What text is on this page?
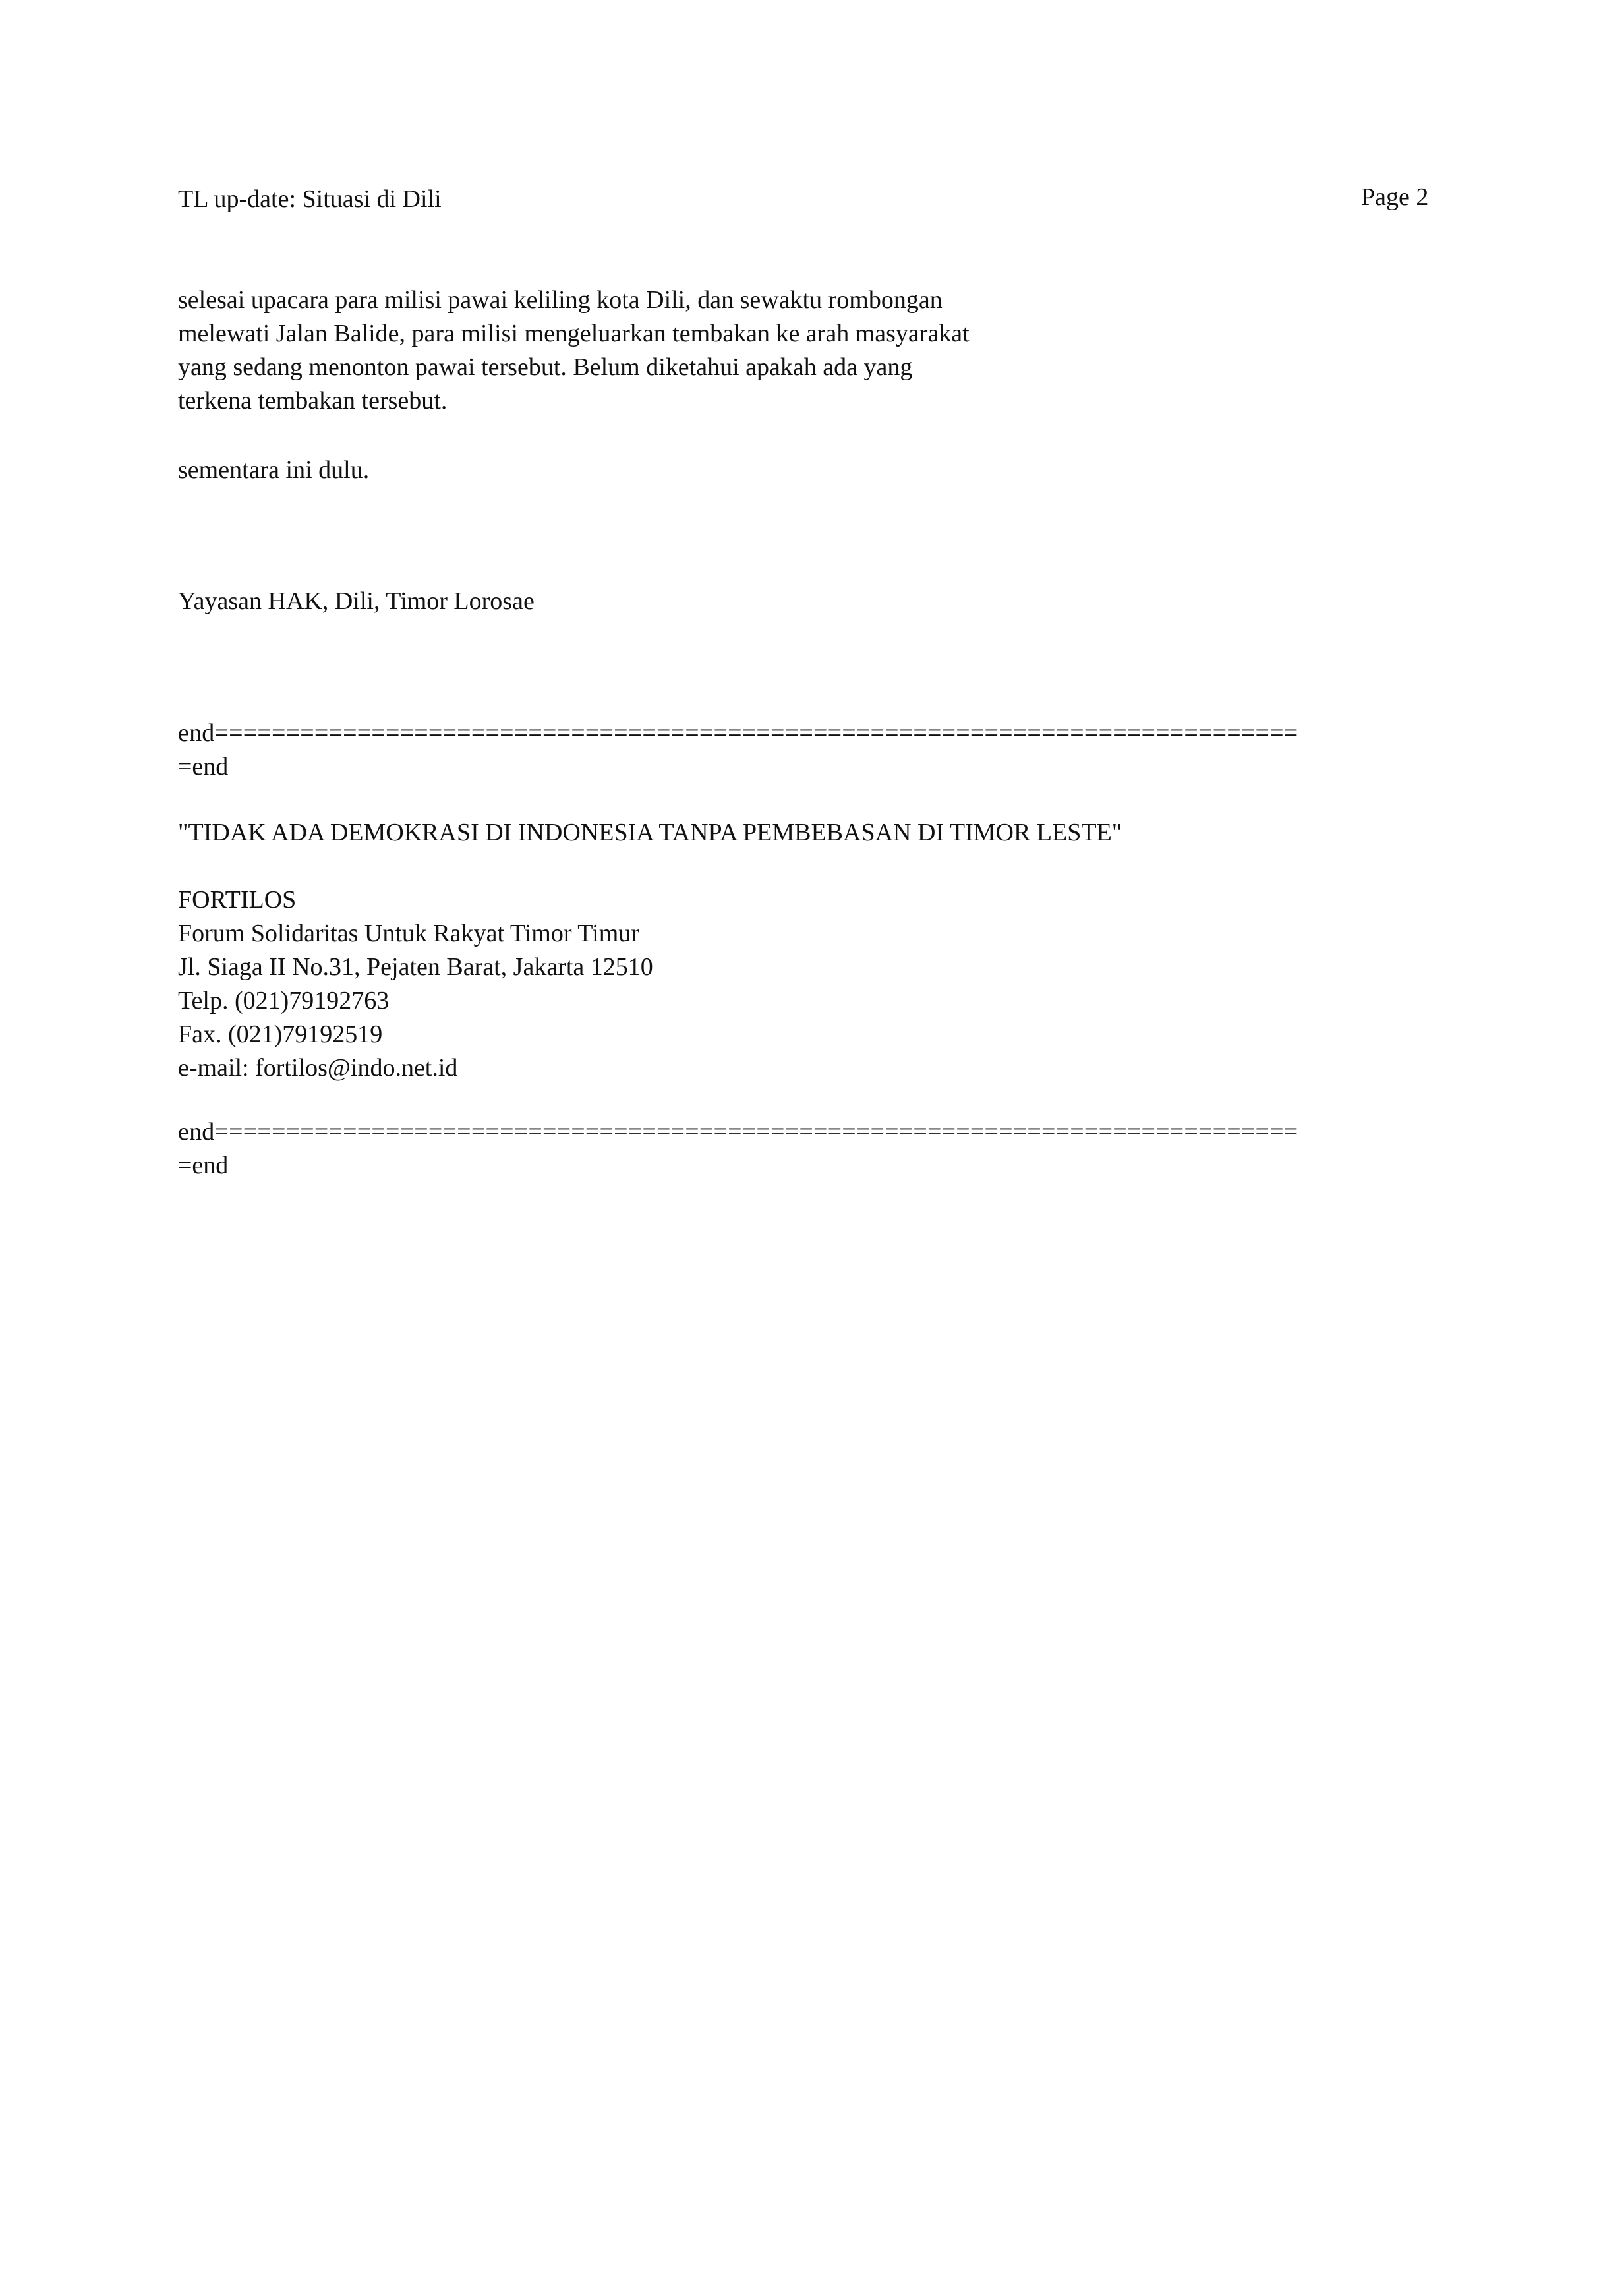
TL up-date: Situasi di Dili	Page 2
selesai upacara para milisi pawai keliling kota Dili, dan sewaktu rombongan
melewati Jalan Balide, para milisi mengeluarkan tembakan ke arah masyarakat
yang sedang menonton pawai tersebut. Belum diketahui apakah ada yang
terkena tembakan tersebut.
sementara ini dulu.
Yayasan HAK, Dili, Timor Lorosae
end============================================================================
=end
"TIDAK ADA DEMOKRASI DI INDONESIA TANPA PEMBEBASAN DI TIMOR LESTE"
FORTILOS
Forum Solidaritas Untuk Rakyat Timor Timur
Jl. Siaga II No.31, Pejaten Barat, Jakarta 12510
Telp. (021)79192763
Fax. (021)79192519
e-mail: fortilos@indo.net.id
end============================================================================
=end
